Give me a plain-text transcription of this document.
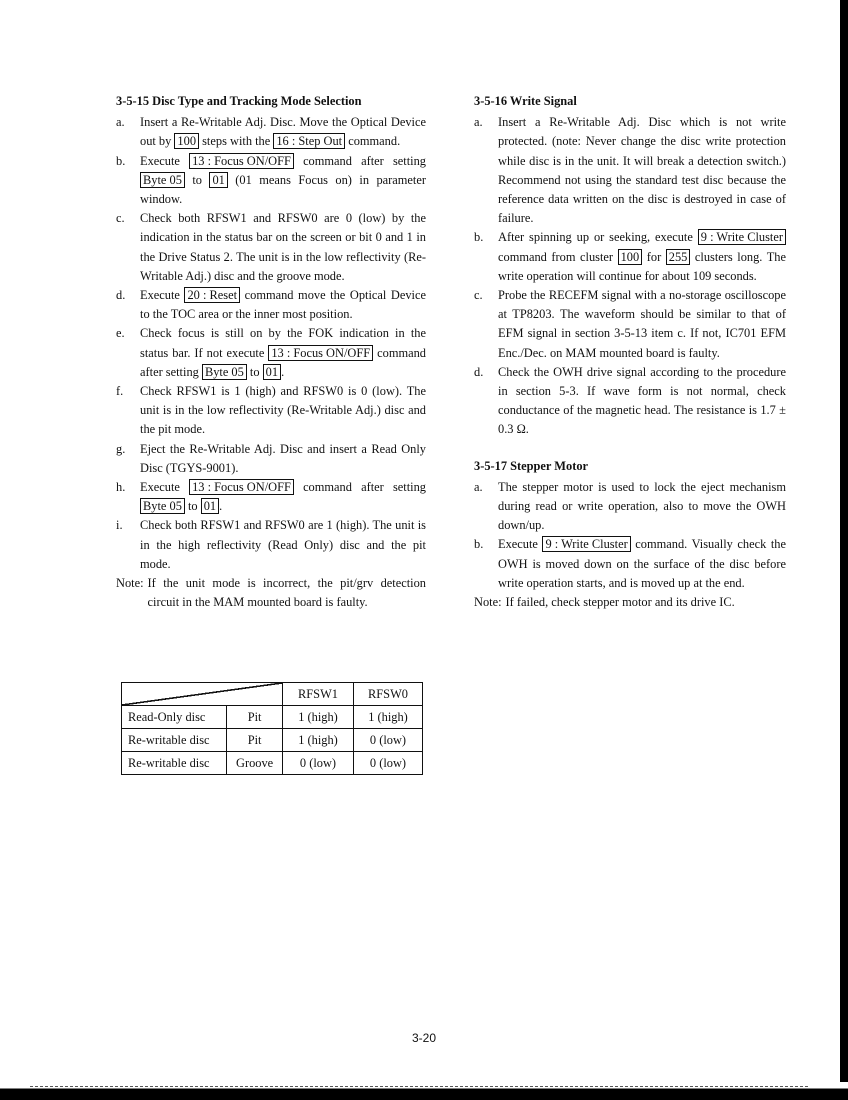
3-5-15 Disc Type and Tracking Mode Selection
a.	Insert a Re-Writable Adj. Disc. Move the Optical Device out by 100 steps with the 16 : Step Out command.
b.	Execute 13 : Focus ON/OFF command after setting Byte 05 to 01 (01 means Focus on) in parameter window.
c.	Check both RFSW1 and RFSW0 are 0 (low) by the indication in the status bar on the screen or bit 0 and 1 in the Drive Status 2. The unit is in the low reflectivity (Re-Writable Adj.) disc and the groove mode.
d.	Execute 20 : Reset command move the Optical Device to the TOC area or the inner most position.
e.	Check focus is still on by the FOK indication in the status bar. If not execute 13 : Focus ON/OFF command after setting Byte 05 to 01 .
f.	Check RFSW1 is 1 (high) and RFSW0 is 0 (low). The unit is in the low reflectivity (Re-Writable Adj.) disc and the pit mode.
g.	Eject the Re-Writable Adj. Disc and insert a Read Only Disc (TGYS-9001).
h.	Execute 13 : Focus ON/OFF command after setting Byte 05 to 01 .
i.	Check both RFSW1 and RFSW0 are 1 (high). The unit is in the high reflectivity (Read Only) disc and the pit mode.
Note: If the unit mode is incorrect, the pit/grv detection circuit in the MAM mounted board is faulty.
		RFSW1	RFSW0
Read-Only disc	Pit	1 (high)	1 (high)
Re-writable disc	Pit	1 (high)	0 (low)
Re-writable disc	Groove	0 (low)	0 (low)
3-5-16 Write Signal
a.	Insert a Re-Writable Adj. Disc which is not write protected. (note: Never change the disc write protection while disc is in the unit. It will break a detection switch.) Recommend not using the standard test disc because the reference data written on the disc is destroyed in case of failure.
b.	After spinning up or seeking, execute 9 : Write Cluster command from cluster 100 for 255 clusters long. The write operation will continue for about 109 seconds.
c.	Probe the RECEFM signal with a no-storage oscilloscope at TP8203. The waveform should be similar to that of EFM signal in section 3-5-13 item c. If not, IC701 EFM Enc./Dec. on MAM mounted board is faulty.
d.	Check the OWH drive signal according to the procedure in section 5-3. If wave form is not normal, check conductance of the magnetic head. The resistance is 1.7 ± 0.3 Ω.
3-5-17 Stepper Motor
a.	The stepper motor is used to lock the eject mechanism during read or write operation, also to move the OWH down/up.
b.	Execute 9 : Write Cluster command. Visually check the OWH is moved down on the surface of the disc before write operation starts, and is moved up at the end.
Note: If failed, check stepper motor and its drive IC.
3-20
